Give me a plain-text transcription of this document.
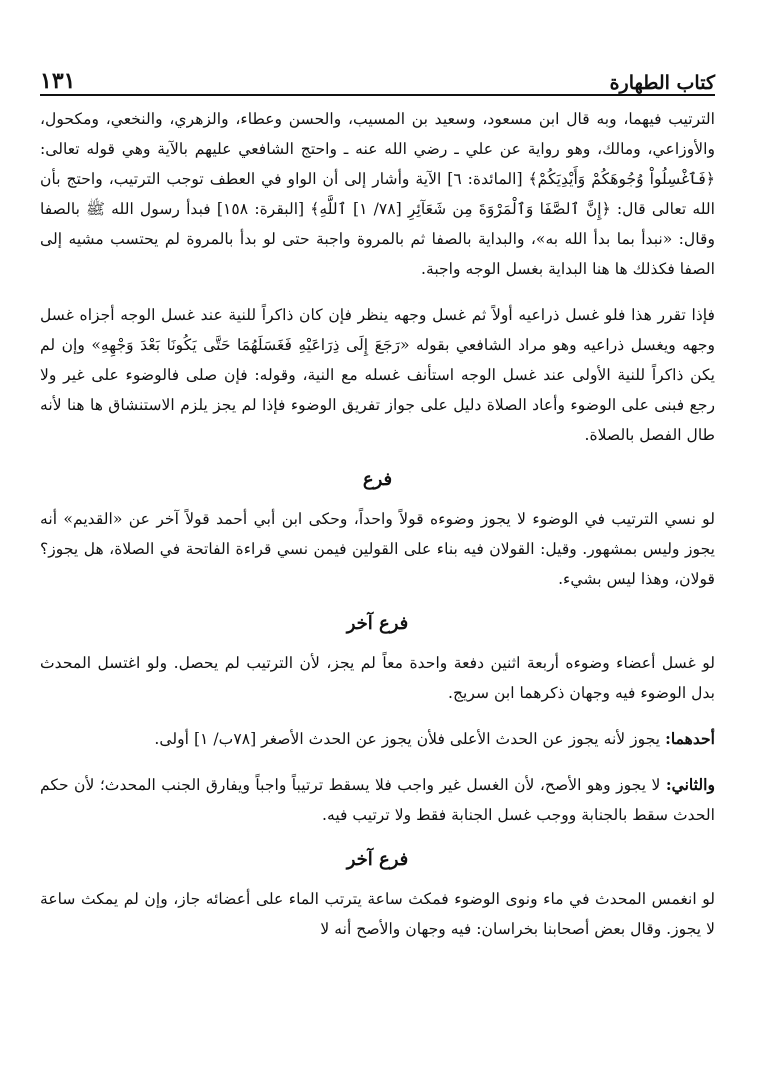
١٣١	كتاب الطهارة

الترتيب فيهما، وبه قال ابن مسعود، وسعيد بن المسيب، والحسن وعطاء، والزهري، والنخعي، ومكحول، والأوزاعي، ومالك، وهو رواية عن علي ـ رضي الله عنه ـ واحتج الشافعي عليهم بالآية وهي قوله تعالى: ﴿فَٱغْسِلُواْ وُجُوهَكُمْ وَأَيْدِيَكُمْ﴾ [المائدة: ٦] الآية وأشار إلى أن الواو في العطف توجب الترتيب، واحتج بأن الله تعالى قال: ﴿إِنَّ ٱلصَّفَا وَٱلْمَرْوَةَ مِن شَعَآئِرِ [٧٨/ ١] ٱللَّهِ﴾ [البقرة: ١٥٨] فبدأ رسول الله ﷺ بالصفا وقال: «نبدأ بما بدأ الله به»، والبداية بالصفا ثم بالمروة واجبة حتى لو بدأ بالمروة لم يحتسب مشيه إلى الصفا فكذلك ها هنا البداية بغسل الوجه واجبة.

فإذا تقرر هذا فلو غسل ذراعيه أولاً ثم غسل وجهه ينظر فإن كان ذاكراً للنية عند غسل الوجه أجزاه غسل وجهه ويغسل ذراعيه وهو مراد الشافعي بقوله «رَجَعَ إِلَى ذِرَاعَيْهِ فَغَسَلَهُمَا حَتَّى يَكُونَا بَعْدَ وَجْهِهِ» وإن لم يكن ذاكراً للنية الأولى عند غسل الوجه استأنف غسله مع النية، وقوله: فإن صلى فالوضوء على غير ولا رجع فبنى على الوضوء وأعاد الصلاة دليل على جواز تفريق الوضوء فإذا لم يجز يلزم الاستنشاق ها هنا لأنه طال الفصل بالصلاة.

فرع

لو نسي الترتيب في الوضوء لا يجوز وضوءه قولاً واحداً، وحكى ابن أبي أحمد قولاً آخر عن «القديم» أنه يجوز وليس بمشهور. وقيل: القولان فيه بناء على القولين فيمن نسي قراءة الفاتحة في الصلاة، هل يجوز؟ قولان، وهذا ليس بشيء.

فرع آخر

لو غسل أعضاء وضوءه أربعة اثنين دفعة واحدة معاً لم يجز، لأن الترتيب لم يحصل. ولو اغتسل المحدث بدل الوضوء فيه وجهان ذكرهما ابن سريج.

أحدهما: يجوز لأنه يجوز عن الحدث الأعلى فلأن يجوز عن الحدث الأصغر [٧٨ب/ ١] أولى.

والثاني: لا يجوز وهو الأصح، لأن الغسل غير واجب فلا يسقط ترتيباً واجباً ويفارق الجنب المحدث؛ لأن حكم الحدث سقط بالجنابة ووجب غسل الجنابة فقط ولا ترتيب فيه.

فرع آخر

لو انغمس المحدث في ماء ونوى الوضوء فمكث ساعة يترتب الماء على أعضائه جاز، وإن لم يمكث ساعة لا يجوز. وقال بعض أصحابنا بخراسان: فيه وجهان والأصح أنه لا
